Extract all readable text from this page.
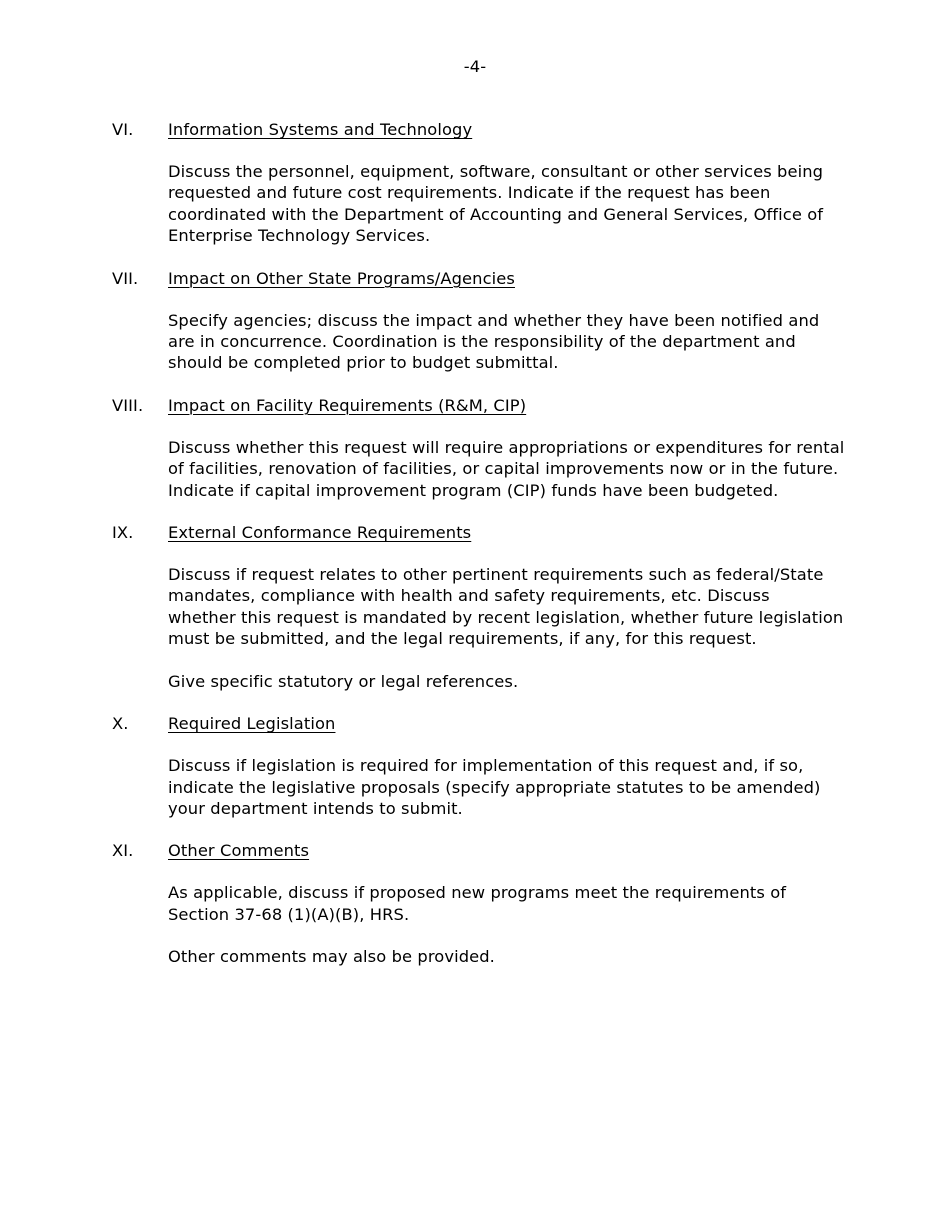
-4-
VI.	Information Systems and Technology
Discuss the personnel, equipment, software, consultant or other services being
requested and future cost requirements. Indicate if the request has been
coordinated with the Department of Accounting and General Services, Office of
Enterprise Technology Services.
VII.	Impact on Other State Programs/Agencies
Specify agencies; discuss the impact and whether they have been notified and
are in concurrence. Coordination is the responsibility of the department and
should be completed prior to budget submittal.
VIII.	Impact on Facility Requirements (R&M, CIP)
Discuss whether this request will require appropriations or expenditures for rental
of facilities, renovation of facilities, or capital improvements now or in the future.
Indicate if capital improvement program (CIP) funds have been budgeted.
IX.	External Conformance Requirements
Discuss if request relates to other pertinent requirements such as federal/State
mandates, compliance with health and safety requirements, etc. Discuss
whether this request is mandated by recent legislation, whether future legislation
must be submitted, and the legal requirements, if any, for this request.
Give specific statutory or legal references.
X.	Required Legislation
Discuss if legislation is required for implementation of this request and, if so,
indicate the legislative proposals (specify appropriate statutes to be amended)
your department intends to submit.
XI.	Other Comments
As applicable, discuss if proposed new programs meet the requirements of
Section 37-68 (1)(A)(B), HRS.
Other comments may also be provided.
